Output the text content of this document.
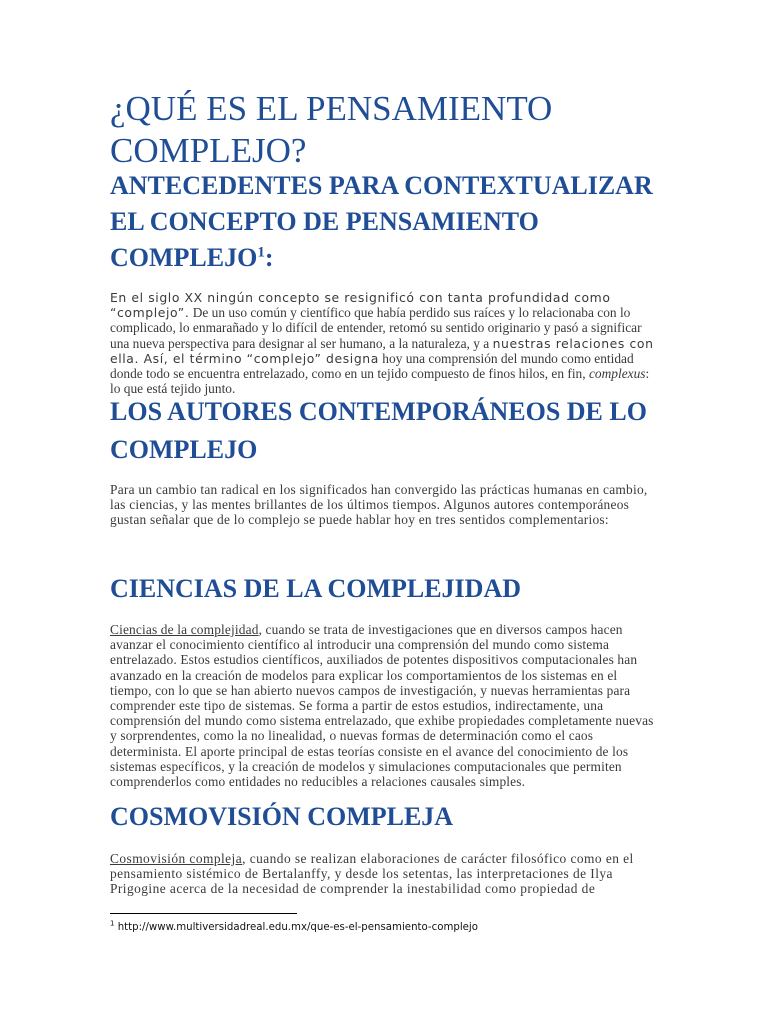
¿QUÉ ES EL PENSAMIENTO COMPLEJO?
ANTECEDENTES PARA CONTEXTUALIZAR EL CONCEPTO DE PENSAMIENTO COMPLEJO$^1$:

En el siglo XX ningún concepto se resignificó con tanta profundidad como “complejo”. De un uso común y científico que había perdido sus raíces y lo relacionaba con lo complicado, lo enmarañado y lo difícil de entender, retomó su sentido originario y pasó a significar una nueva perspectiva para designar al ser humano, a la naturaleza, y a nuestras relaciones con ella. Así, el término “complejo” designa hoy una comprensión del mundo como entidad donde todo se encuentra entrelazado, como en un tejido compuesto de finos hilos, en fin, complexus: lo que está tejido junto.

LOS AUTORES CONTEMPORÁNEOS DE LO COMPLEJO

Para un cambio tan radical en los significados han convergido las prácticas humanas en cambio, las ciencias, y las mentes brillantes de los últimos tiempos. Algunos autores contemporáneos gustan señalar que de lo complejo se puede hablar hoy en tres sentidos complementarios:

CIENCIAS DE LA COMPLEJIDAD

Ciencias de la complejidad, cuando se trata de investigaciones que en diversos campos hacen avanzar el conocimiento científico al introducir una comprensión del mundo como sistema entrelazado. Estos estudios científicos, auxiliados de potentes dispositivos computacionales han avanzado en la creación de modelos para explicar los comportamientos de los sistemas en el tiempo, con lo que se han abierto nuevos campos de investigación, y nuevas herramientas para comprender este tipo de sistemas. Se forma a partir de estos estudios, indirectamente, una comprensión del mundo como sistema entrelazado, que exhibe propiedades completamente nuevas y sorprendentes, como la no linealidad, o nuevas formas de determinación como el caos determinista. El aporte principal de estas teorías consiste en el avance del conocimiento de los sistemas específicos, y la creación de modelos y simulaciones computacionales que permiten comprenderlos como entidades no reducibles a relaciones causales simples.

COSMOVISIÓN COMPLEJA

Cosmovisión compleja, cuando se realizan elaboraciones de carácter filosófico como en el pensamiento sistémico de Bertalanffy, y desde los setentas, las interpretaciones de Ilya Prigogine acerca de la necesidad de comprender la inestabilidad como propiedad de

$^1$ http://www.multiversidadreal.edu.mx/que-es-el-pensamiento-complejo
